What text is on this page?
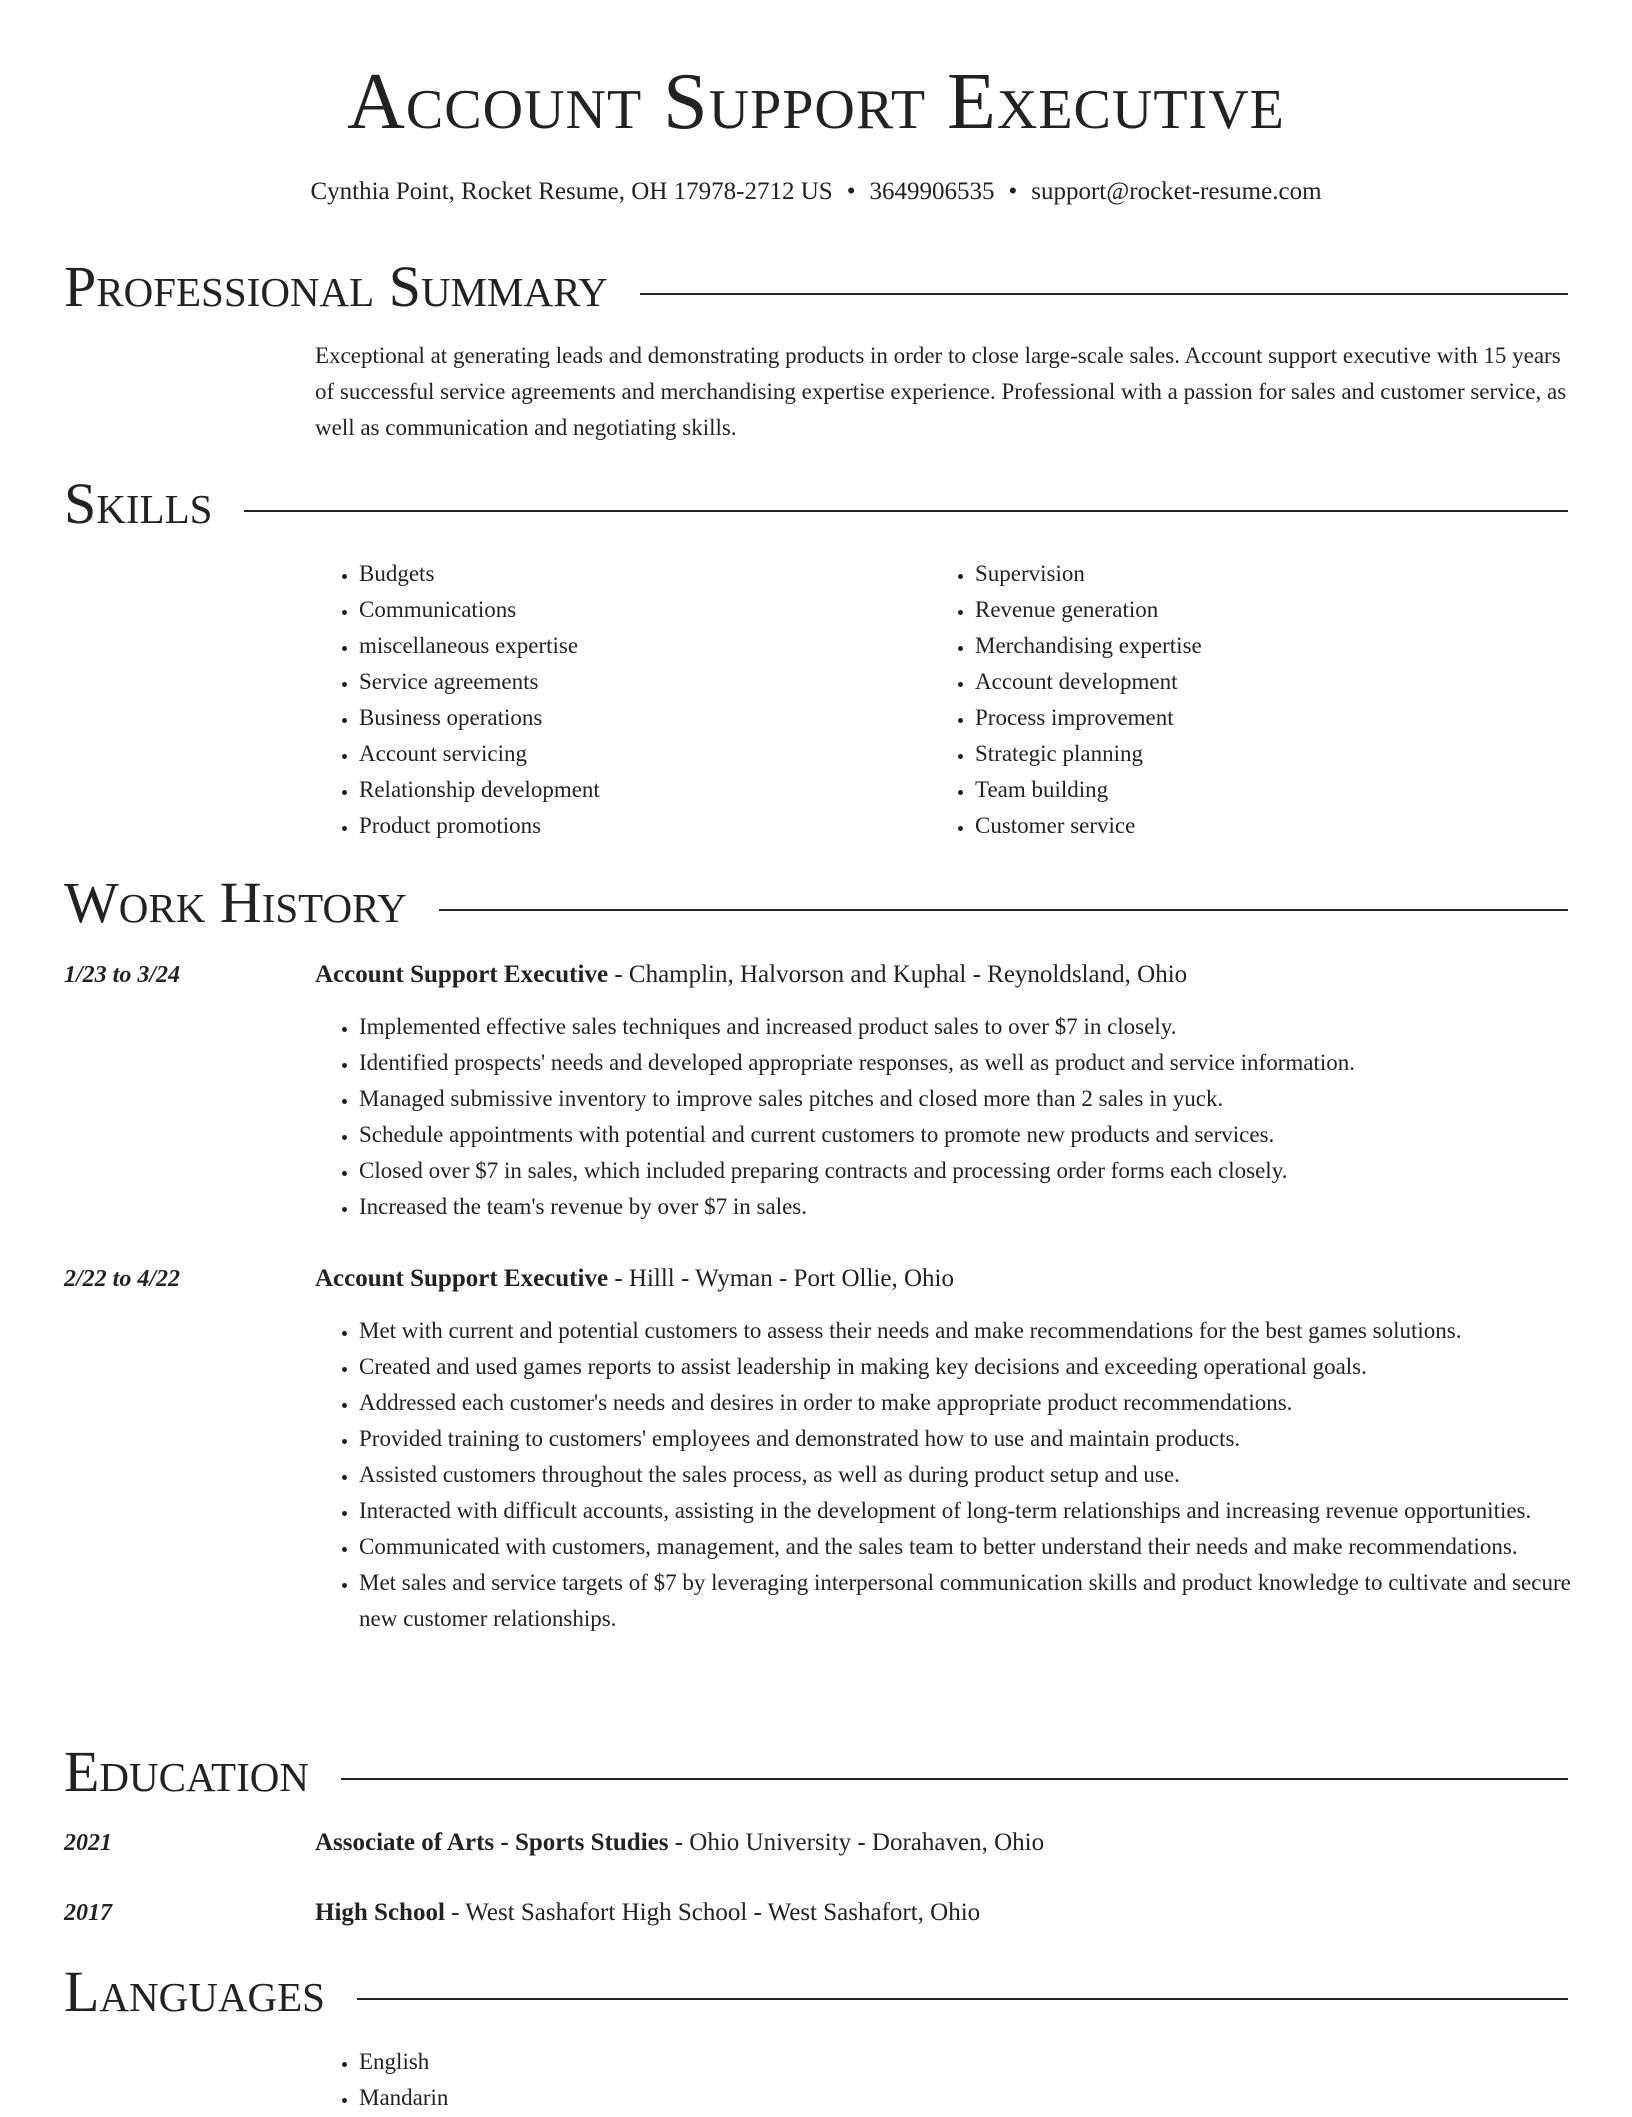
Account Support Executive
Cynthia Point, Rocket Resume, OH 17978-2712 US • 3649906535 • support@rocket-resume.com
Professional Summary

Exceptional at generating leads and demonstrating products in order to close large-scale sales. Account support executive with 15 years of successful service agreements and merchandising expertise experience. Professional with a passion for sales and customer service, as well as communication and negotiating skills.

Skills
• Budgets
• Communications
• miscellaneous expertise
• Service agreements
• Business operations
• Account servicing
• Relationship development
• Product promotions
• Supervision
• Revenue generation
• Merchandising expertise
• Account development
• Process improvement
• Strategic planning
• Team building
• Customer service
Work History
1/23 to 3/24	Account Support Executive - Champlin, Halvorson and Kuphal - Reynoldsland, Ohio
• Implemented effective sales techniques and increased product sales to over $7 in closely.
• Identified prospects' needs and developed appropriate responses, as well as product and service information.
• Managed submissive inventory to improve sales pitches and closed more than 2 sales in yuck.
• Schedule appointments with potential and current customers to promote new products and services.
• Closed over $7 in sales, which included preparing contracts and processing order forms each closely.
• Increased the team's revenue by over $7 in sales.
2/22 to 4/22	Account Support Executive - Hilll - Wyman - Port Ollie, Ohio
• Met with current and potential customers to assess their needs and make recommendations for the best games solutions.
• Created and used games reports to assist leadership in making key decisions and exceeding operational goals.
• Addressed each customer's needs and desires in order to make appropriate product recommendations.
• Provided training to customers' employees and demonstrated how to use and maintain products.
• Assisted customers throughout the sales process, as well as during product setup and use.
• Interacted with difficult accounts, assisting in the development of long-term relationships and increasing revenue opportunities.
• Communicated with customers, management, and the sales team to better understand their needs and make recommendations.
• Met sales and service targets of $7 by leveraging interpersonal communication skills and product knowledge to cultivate and secure new customer relationships.
Education
2021	Associate of Arts - Sports Studies - Ohio University - Dorahaven, Ohio
2017	High School - West Sashafort High School - West Sashafort, Ohio
Languages
• English
• Mandarin
